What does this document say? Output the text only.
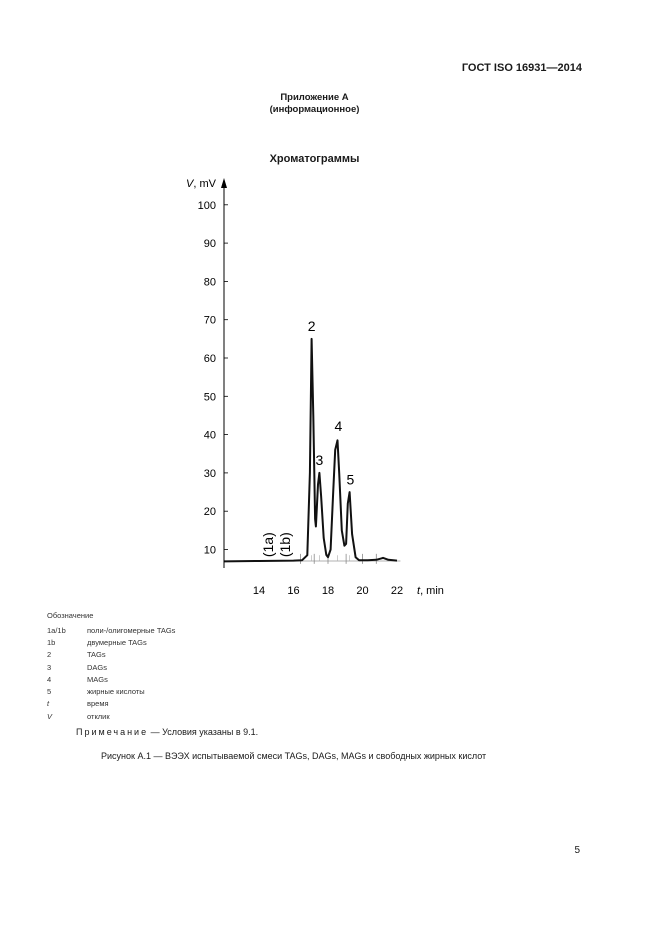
ГОСТ ISO 16931—2014
Приложение А
(информационное)
Хроматограммы
V, mV
10
20
30
40
50
60
70
80
90
100
14 16 18 20 22 t, min
(1a) (1b)
2
3
4
5
Обозначение
1a/1b	поли-/олигомерные TAGs
1b	двумерные TAGs
2	TAGs
3	DAGs
4	MAGs
5	жирные кислоты
t	время
V	отклик
Примечание — Условия указаны в 9.1.
Рисунок А.1 — ВЭЭХ испытываемой смеси TAGs, DAGs, MAGs и свободных жирных кислот
5
